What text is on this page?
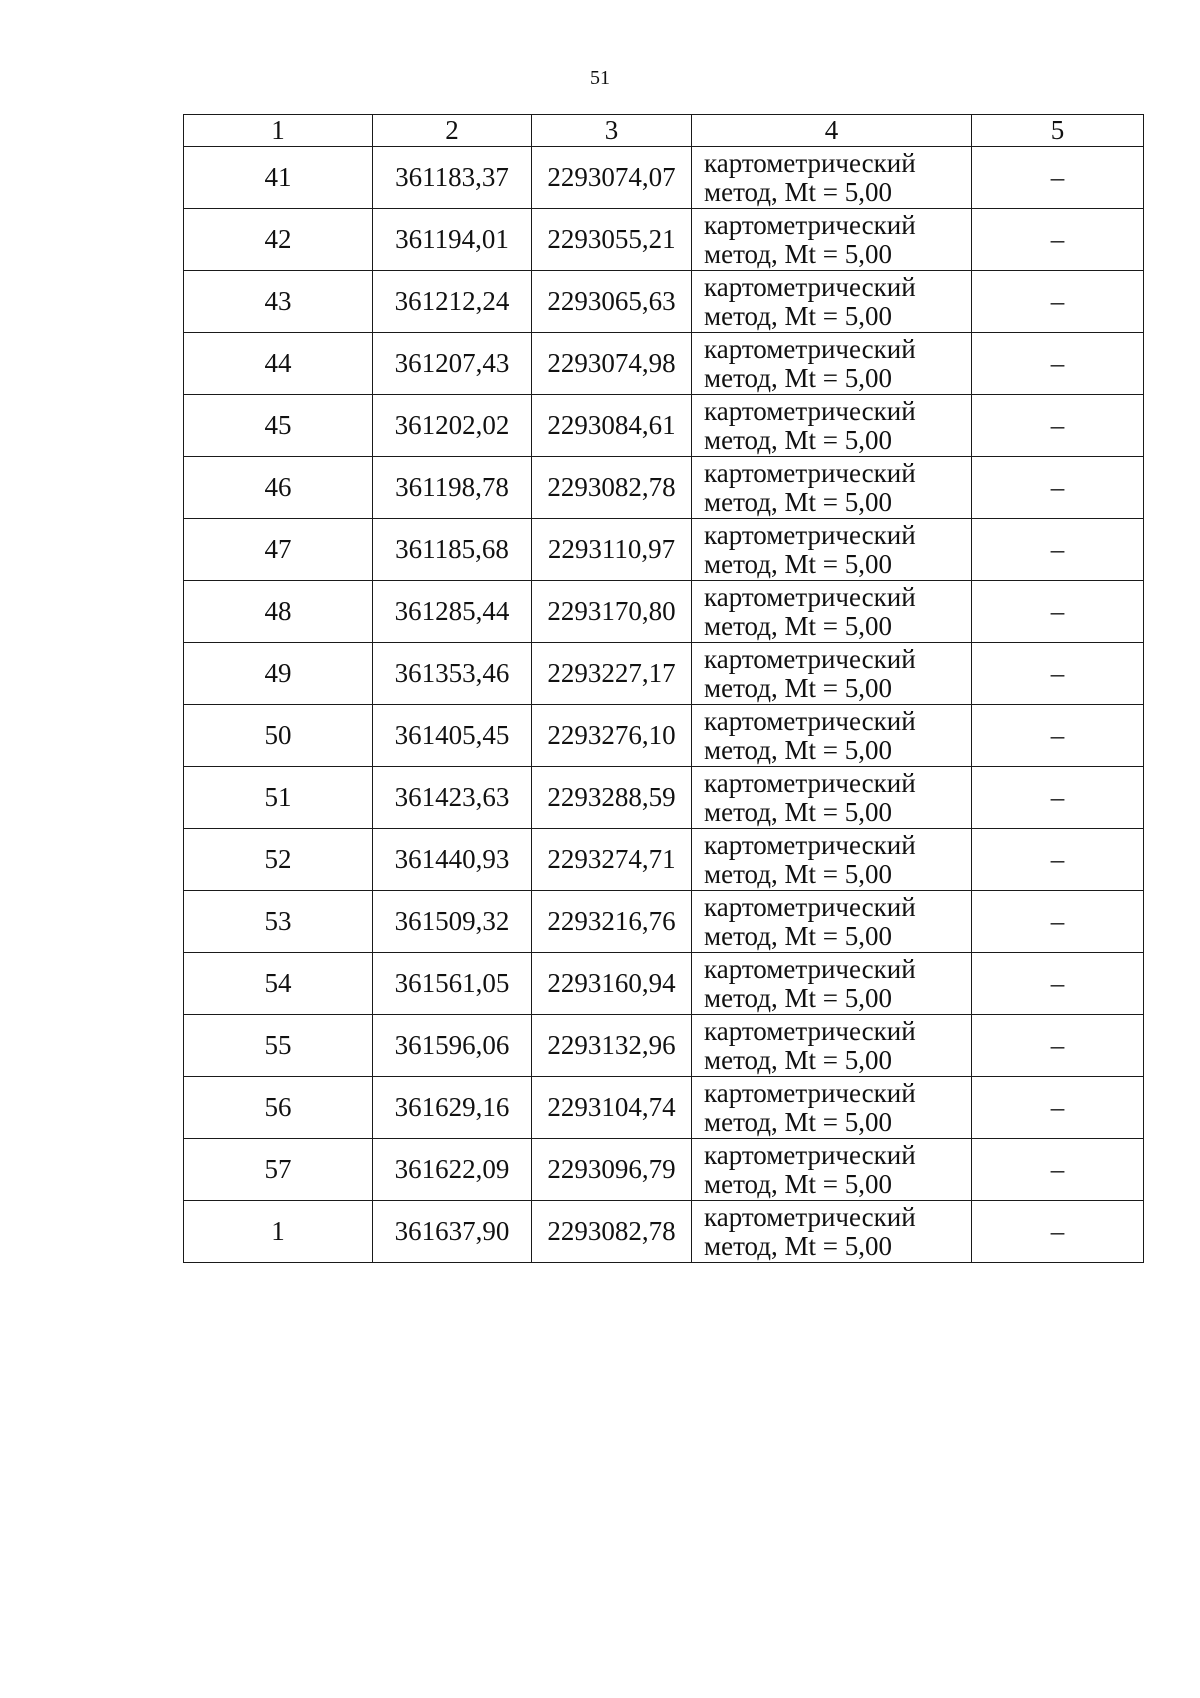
51
1	2	3	4	5
41	361183,37	2293074,07	картометрический
метод, Mt = 5,00	–
42	361194,01	2293055,21	картометрический
метод, Mt = 5,00	–
43	361212,24	2293065,63	картометрический
метод, Mt = 5,00	–
44	361207,43	2293074,98	картометрический
метод, Mt = 5,00	–
45	361202,02	2293084,61	картометрический
метод, Mt = 5,00	–
46	361198,78	2293082,78	картометрический
метод, Mt = 5,00	–
47	361185,68	2293110,97	картометрический
метод, Mt = 5,00	–
48	361285,44	2293170,80	картометрический
метод, Mt = 5,00	–
49	361353,46	2293227,17	картометрический
метод, Mt = 5,00	–
50	361405,45	2293276,10	картометрический
метод, Mt = 5,00	–
51	361423,63	2293288,59	картометрический
метод, Mt = 5,00	–
52	361440,93	2293274,71	картометрический
метод, Mt = 5,00	–
53	361509,32	2293216,76	картометрический
метод, Mt = 5,00	–
54	361561,05	2293160,94	картометрический
метод, Mt = 5,00	–
55	361596,06	2293132,96	картометрический
метод, Mt = 5,00	–
56	361629,16	2293104,74	картометрический
метод, Mt = 5,00	–
57	361622,09	2293096,79	картометрический
метод, Mt = 5,00	–
1	361637,90	2293082,78	картометрический
метод, Mt = 5,00	–
